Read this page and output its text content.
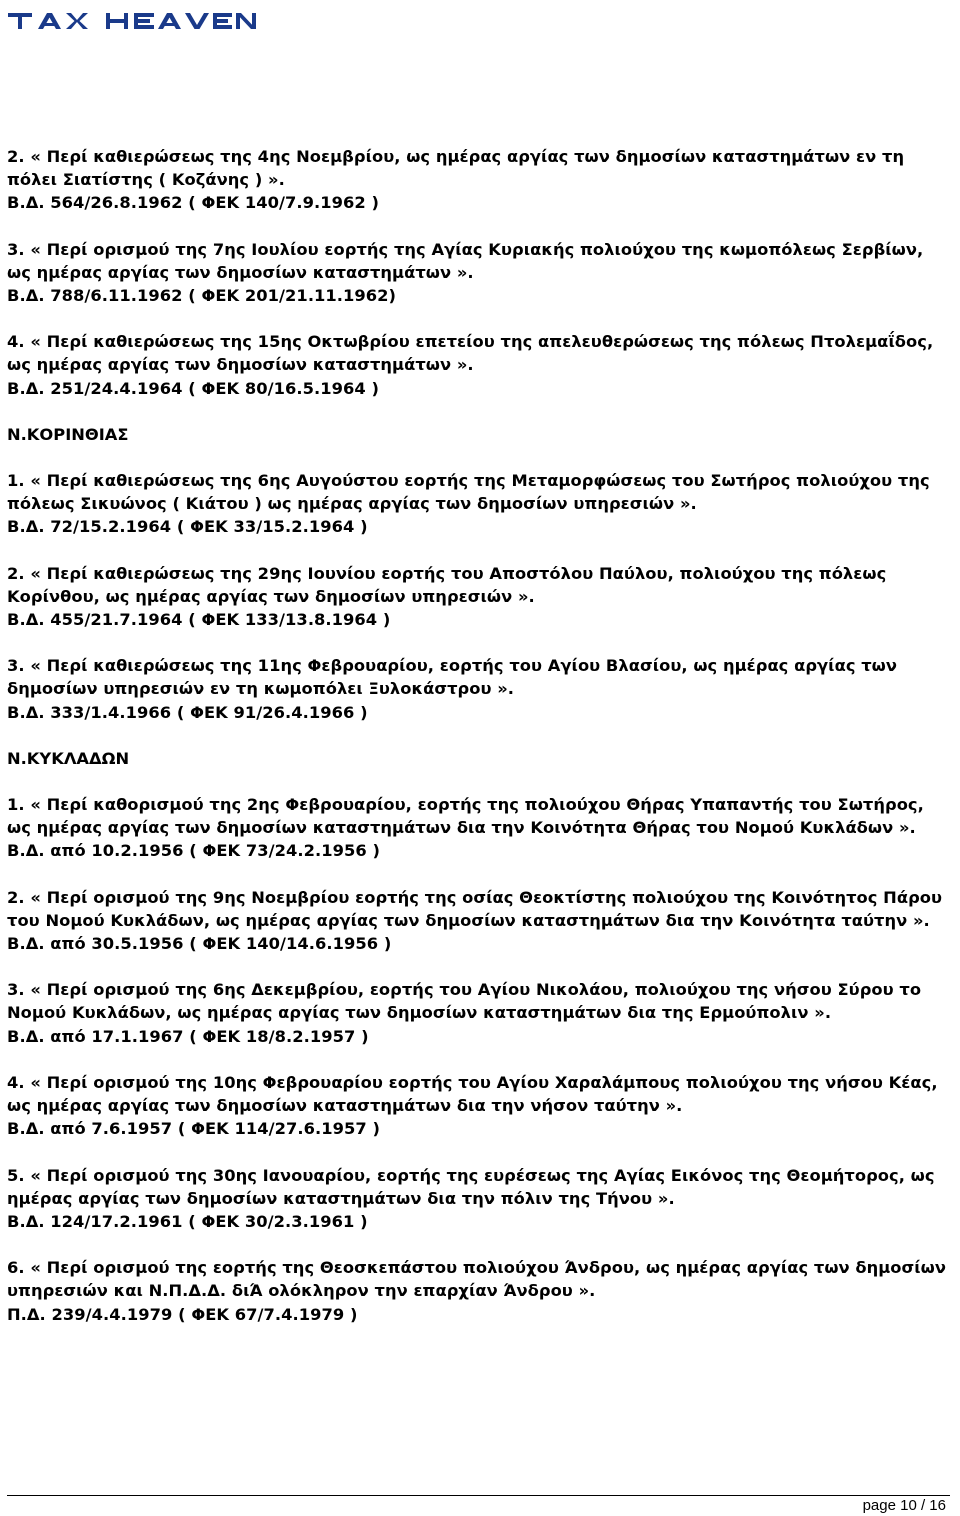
2. « Περί καθιερώσεως της 4ης Νοεμβρίου, ως ημέρας αργίας των δημοσίων καταστημάτων εν τη πόλει Σιατίστης ( Κοζάνης ) ».
Β.Δ. 564/26.8.1962 ( ΦΕΚ 140/7.9.1962 )
3. « Περί ορισμού της 7ης Ιουλίου εορτής της Αγίας Κυριακής πολιούχου της κωμοπόλεως Σερβίων, ως ημέρας αργίας των δημοσίων καταστημάτων ».
Β.Δ. 788/6.11.1962 ( ΦΕΚ 201/21.11.1962)
4. « Περί καθιερώσεως της 15ης Οκτωβρίου επετείου της απελευθερώσεως της πόλεως Πτολεμαΐδος, ως ημέρας αργίας των δημοσίων καταστημάτων ».
Β.Δ. 251/24.4.1964 ( ΦΕΚ 80/16.5.1964 )
Ν.ΚΟΡΙΝΘΙΑΣ
1. « Περί καθιερώσεως της 6ης Αυγούστου εορτής της Μεταμορφώσεως του Σωτήρος πολιούχου της πόλεως Σικυώνος ( Κιάτου ) ως ημέρας αργίας των δημοσίων υπηρεσιών ».
Β.Δ. 72/15.2.1964 ( ΦΕΚ 33/15.2.1964 )
2. « Περί καθιερώσεως της 29ης Ιουνίου εορτής του Αποστόλου Παύλου, πολιούχου της πόλεως Κορίνθου, ως ημέρας αργίας των δημοσίων υπηρεσιών ».
Β.Δ. 455/21.7.1964 ( ΦΕΚ 133/13.8.1964 )
3. « Περί καθιερώσεως της 11ης Φεβρουαρίου, εορτής του Αγίου Βλασίου, ως ημέρας αργίας των δημοσίων υπηρεσιών εν τη κωμοπόλει Ξυλοκάστρου ».
Β.Δ. 333/1.4.1966 ( ΦΕΚ 91/26.4.1966 )
Ν.ΚΥΚΛΑΔΩΝ
1. « Περί καθορισμού της 2ης Φεβρουαρίου, εορτής της πολιούχου Θήρας Υπαπαντής του Σωτήρος, ως ημέρας αργίας των δημοσίων καταστημάτων δια την Κοινότητα Θήρας του Νομού Κυκλάδων ».
Β.Δ. από 10.2.1956 ( ΦΕΚ 73/24.2.1956 )
2. « Περί ορισμού της 9ης Νοεμβρίου εορτής της οσίας Θεοκτίστης πολιούχου της Κοινότητος Πάρου του Νομού Κυκλάδων, ως ημέρας αργίας των δημοσίων καταστημάτων δια την Κοινότητα ταύτην ».
Β.Δ. από 30.5.1956 ( ΦΕΚ 140/14.6.1956 )
3. « Περί ορισμού της 6ης Δεκεμβρίου, εορτής του Αγίου Νικολάου, πολιούχου της νήσου Σύρου το Νομού Κυκλάδων, ως ημέρας αργίας των δημοσίων καταστημάτων δια της Ερμούπολιν ».
Β.Δ. από 17.1.1967 ( ΦΕΚ 18/8.2.1957 )
4. « Περί ορισμού της 10ης Φεβρουαρίου εορτής του Αγίου Χαραλάμπους πολιούχου της νήσου Κέας, ως ημέρας αργίας των δημοσίων καταστημάτων δια την νήσον ταύτην ».
Β.Δ. από 7.6.1957 ( ΦΕΚ 114/27.6.1957 )
5. « Περί ορισμού της 30ης Ιανουαρίου, εορτής της ευρέσεως της Αγίας Εικόνος της Θεομήτορος, ως ημέρας αργίας των δημοσίων καταστημάτων δια την πόλιν της Τήνου ».
Β.Δ. 124/17.2.1961 ( ΦΕΚ 30/2.3.1961 )
6. « Περί ορισμού της εορτής της Θεοσκεπάστου πολιούχου Άνδρου, ως ημέρας αργίας των δημοσίων υπηρεσιών και Ν.Π.Δ.Δ. διΆ ολόκληρον την επαρχίαν Άνδρου ».
Π.Δ. 239/4.4.1979 ( ΦΕΚ 67/7.4.1979 )
page 10 / 16
